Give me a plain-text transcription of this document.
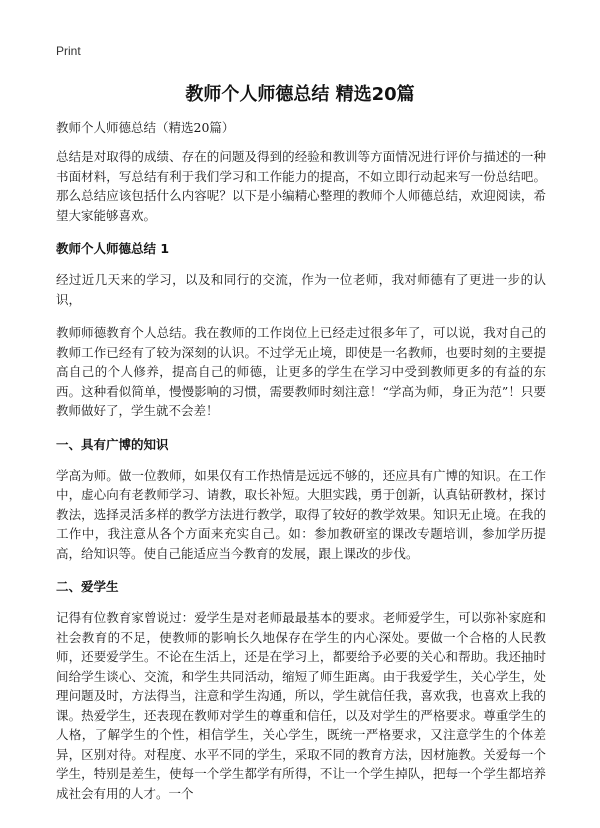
Print
教师个人师德总结 精选20篇
教师个人师德总结（精选20篇）

总结是对取得的成绩、存在的问题及得到的经验和教训等方面情况进行评价与描述的一种书面材料，写总结有利于我们学习和工作能力的提高，不如立即行动起来写一份总结吧。那么总结应该包括什么内容呢？以下是小编精心整理的教师个人师德总结，欢迎阅读，希望大家能够喜欢。

教师个人师德总结 1

经过近几天来的学习，以及和同行的交流，作为一位老师，我对师德有了更进一步的认识，

教师师德教育个人总结。我在教师的工作岗位上已经走过很多年了，可以说，我对自己的教师工作已经有了较为深刻的认识。不过学无止境，即使是一名教师，也要时刻的主要提高自己的个人修养，提高自己的师德，让更多的学生在学习中受到教师更多的有益的东西。这种看似简单，慢慢影响的习惯，需要教师时刻注意！“学高为师，身正为范”！只要教师做好了，学生就不会差！

一、具有广博的知识

学高为师。做一位教师，如果仅有工作热情是远远不够的，还应具有广博的知识。在工作中，虚心向有老教师学习、请教，取长补短。大胆实践，勇于创新，认真钻研教材，探讨教法，选择灵活多样的教学方法进行教学，取得了较好的教学效果。知识无止境。在我的工作中，我注意从各个方面来充实自己。如：参加教研室的课改专题培训，参加学历提高，给知识等。使自己能适应当今教育的发展，跟上课改的步伐。

二、爱学生

记得有位教育家曾说过：爱学生是对老师最最基本的要求。老师爱学生，可以弥补家庭和社会教育的不足，使教师的影响长久地保存在学生的内心深处。要做一个合格的人民教师，还要爱学生。不论在生活上，还是在学习上，都要给予必要的关心和帮助。我还抽时间给学生谈心、交流，和学生共同活动，缩短了师生距离。由于我爱学生，关心学生，处理问题及时，方法得当，注意和学生沟通，所以，学生就信任我，喜欢我，也喜欢上我的课。热爱学生，还表现在教师对学生的尊重和信任，以及对学生的严格要求。尊重学生的人格，了解学生的个性，相信学生，关心学生，既统一严格要求，又注意学生的个体差异，区别对待。对程度、水平不同的学生，采取不同的教育方法，因材施教。关爱每一个学生，特别是差生，使每一个学生都学有所得，不让一个学生掉队，把每一个学生都培养成社会有用的人才。一个
